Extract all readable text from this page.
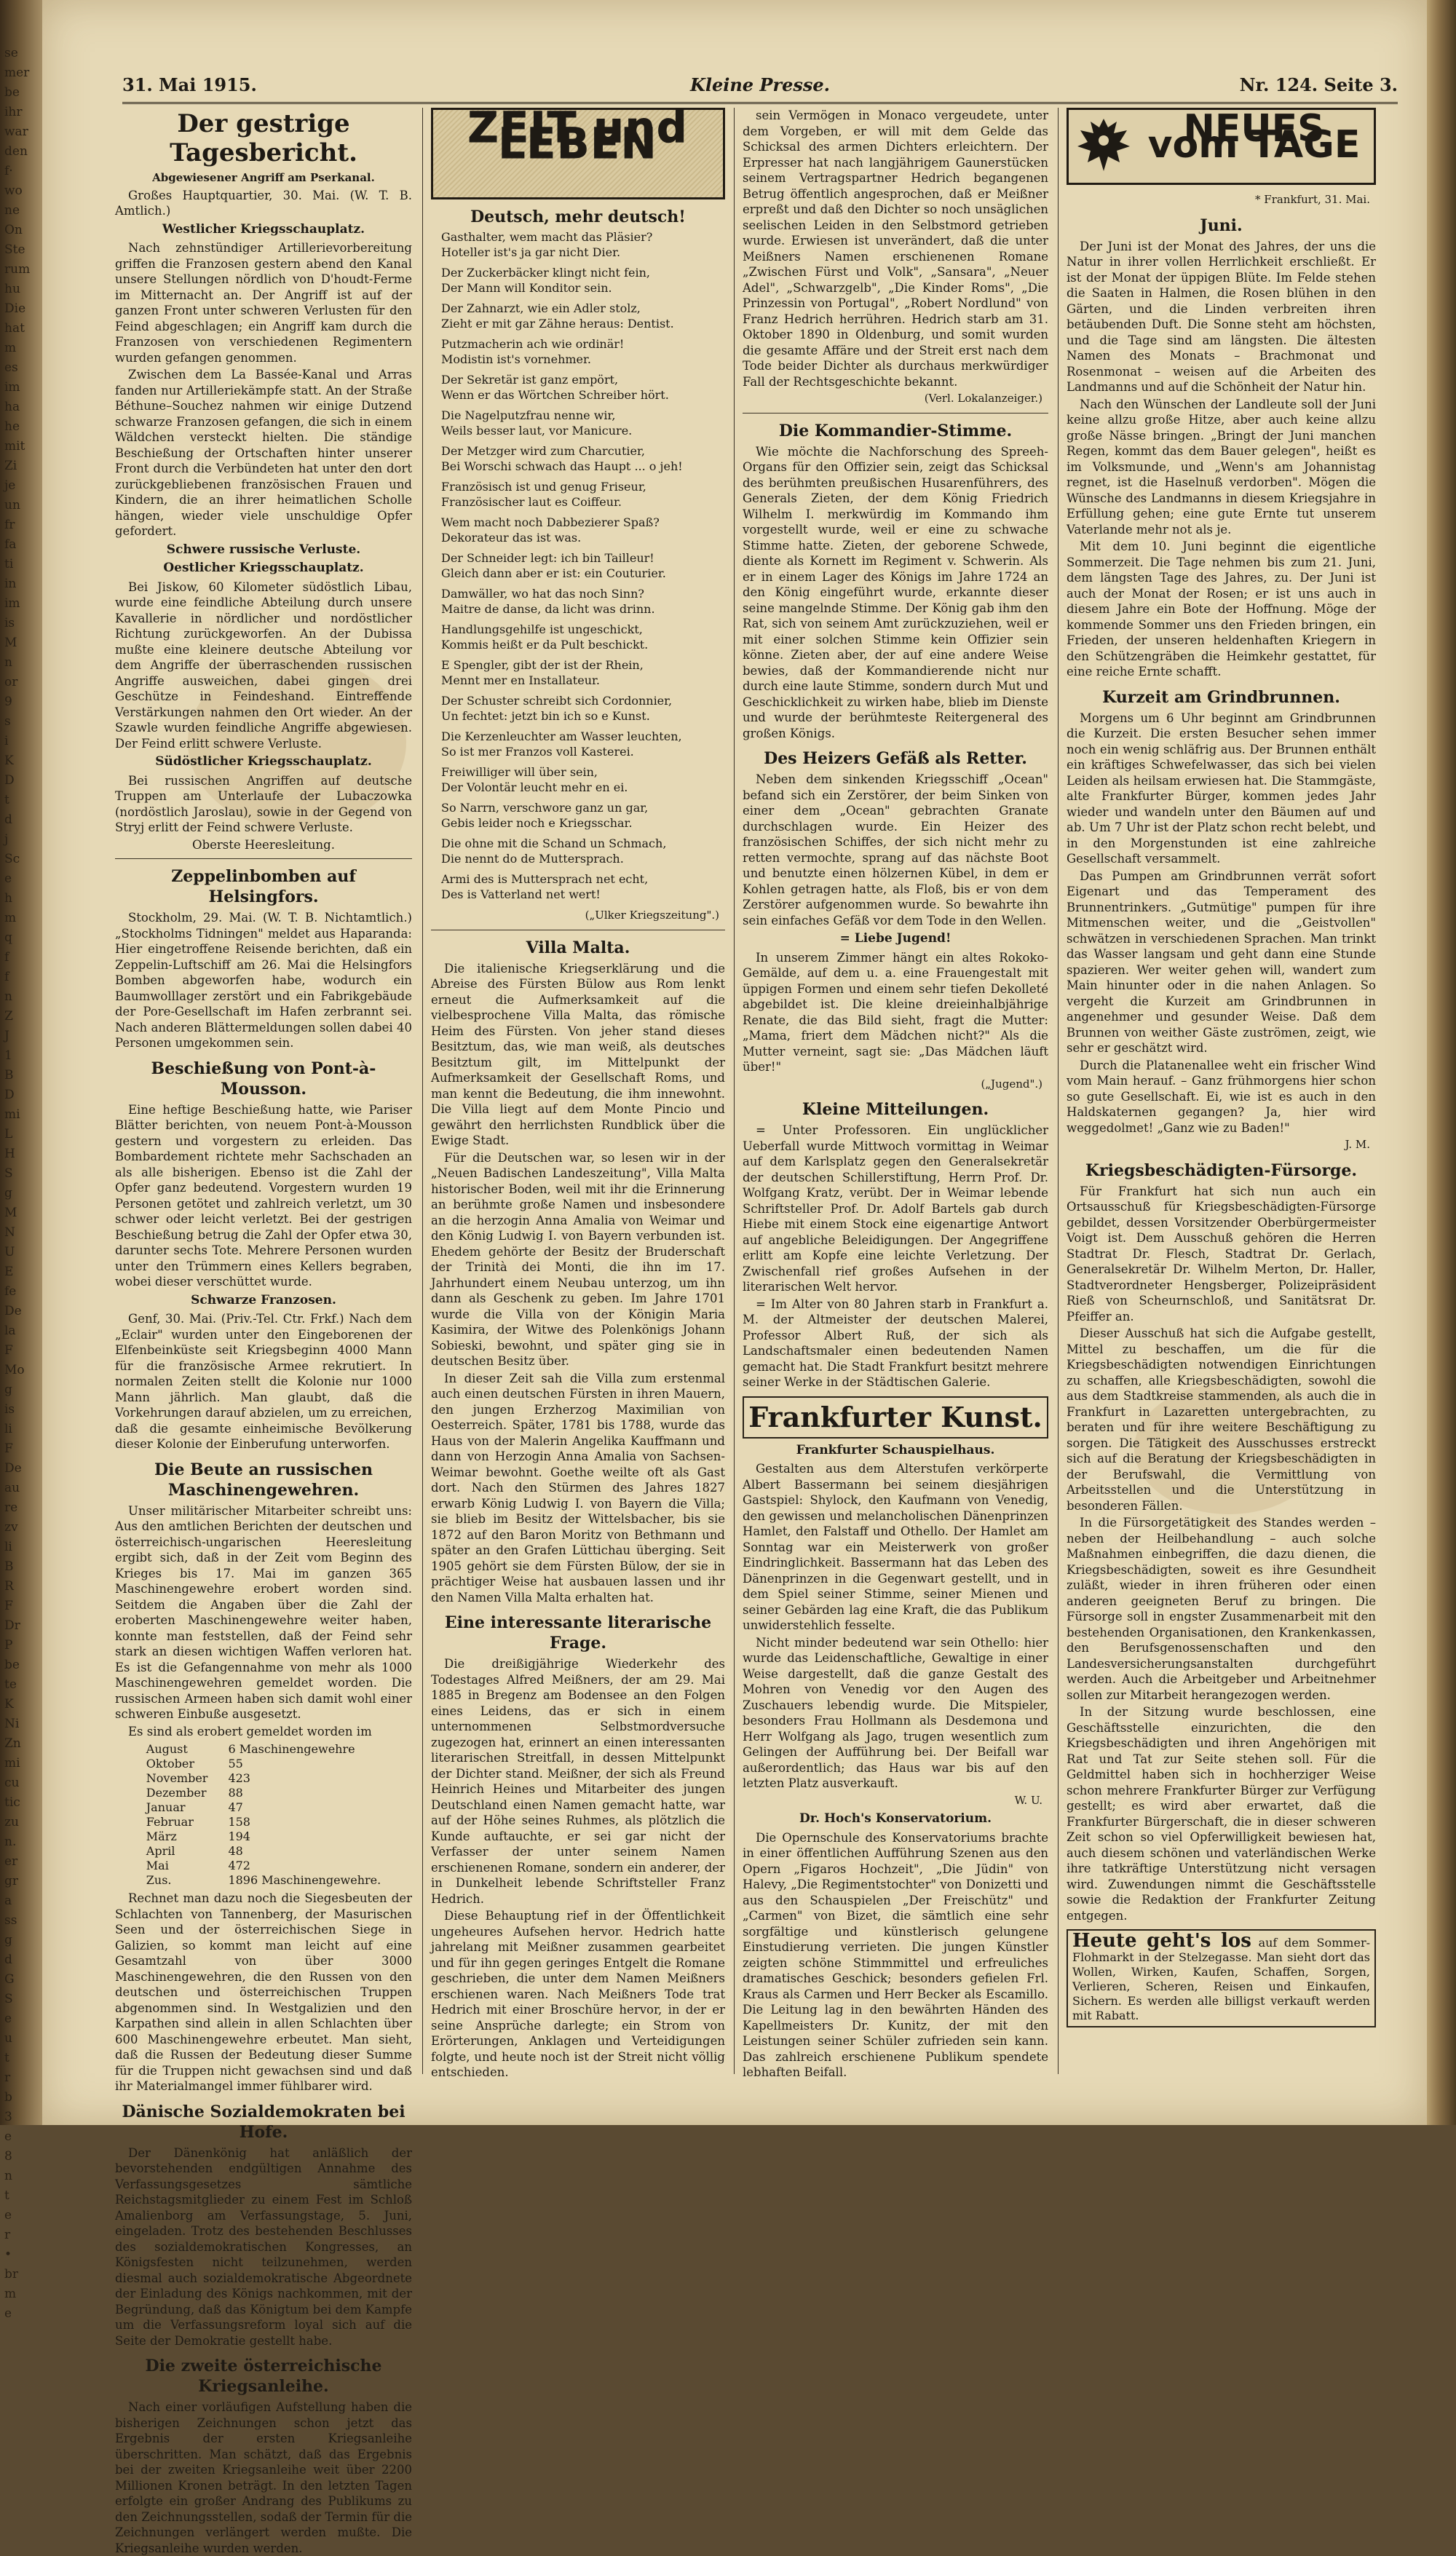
se
mer
be
ihr
war
den
f·
wo
ne
On
Ste
rum
hu
Die
hat
m
es
im
ha
he
mit
Zi
je
un
fr
fa
ti
in
im
is
M
n
or
9
s
i
K
D
t
d
j
Sc
e
h
m
q
f
f
n
Z
J
1
B
D
mi
L
H
S
g
M
N
U
E
fe
De
la
F
Mo
g
is
li
F
De
au
re
zv
li
B
R
F
Dr
P
be
te
K
Ni
Zn
mi
cu
tic
zu
n.
er
gr
a
ss
g
d
G
S
e
u
t
r
b
3
e
8
n
t
e
r
•
br
m
e
31. Mai 1915.	Kleine Presse.	Nr. 124. Seite 3.
Der gestrige Tagesbericht.
Abgewiesener Angriff am Pserkanal.

Großes Hauptquartier, 30. Mai. (W. T. B. Amtlich.)

Westlicher Kriegsschauplatz.

Nach zehnstündiger Artillerievorbereitung griffen die Franzosen gestern abend den Kanal unsere Stellungen nördlich von D'houdt-Ferme im Mitternacht an. Der Angriff ist auf der ganzen Front unter schweren Verlusten für den Feind abgeschlagen; ein Angriff kam durch die Franzosen von verschiedenen Regimentern wurden gefangen genommen.

Zwischen dem La Bassée-Kanal und Arras fanden nur Artilleriekämpfe statt. An der Straße Béthune–Souchez nahmen wir einige Dutzend schwarze Franzosen gefangen, die sich in einem Wäldchen versteckt hielten. Die ständige Beschießung der Ortschaften hinter unserer Front durch die Verbündeten hat unter den dort zurückgebliebenen französischen Frauen und Kindern, die an ihrer heimatlichen Scholle hängen, wieder viele unschuldige Opfer gefordert.

Schwere russische Verluste.
Oestlicher Kriegsschauplatz.

Bei Jiskow, 60 Kilometer südöstlich Libau, wurde eine feindliche Abteilung durch unsere Kavallerie in nördlicher und nordöstlicher Richtung zurückgeworfen. An der Dubissa mußte eine kleinere deutsche Abteilung vor dem Angriffe der überraschenden russischen Angriffe ausweichen, dabei gingen drei Geschütze in Feindeshand. Eintreffende Verstärkungen nahmen den Ort wieder. An der Szawle wurden feindliche Angriffe abgewiesen. Der Feind erlitt schwere Verluste.

Südöstlicher Kriegsschauplatz.

Bei russischen Angriffen auf deutsche Truppen am Unterlaufe der Lubaczowka (nordöstlich Jaroslau), sowie in der Gegend von Stryj erlitt der Feind schwere Verluste.

Oberste Heeresleitung.
Zeppelinbomben auf Helsingfors.

Stockholm, 29. Mai. (W. T. B. Nichtamtlich.) „Stockholms Tidningen" meldet aus Haparanda: Hier eingetroffene Reisende berichten, daß ein Zeppelin-Luftschiff am 26. Mai die Helsingfors Bomben abgeworfen habe, wodurch ein Baumwolllager zerstört und ein Fabrikgebäude der Pore-Gesellschaft im Hafen zerbrannt sei. Nach anderen Blättermeldungen sollen dabei 40 Personen umgekommen sein.

Beschießung von Pont-à-Mousson.

Eine heftige Beschießung hatte, wie Pariser Blätter berichten, von neuem Pont-à-Mousson gestern und vorgestern zu erleiden. Das Bombardement richtete mehr Sachschaden an als alle bisherigen. Ebenso ist die Zahl der Opfer ganz bedeutend. Vorgestern wurden 19 Personen getötet und zahlreich verletzt, um 30 schwer oder leicht verletzt. Bei der gestrigen Beschießung betrug die Zahl der Opfer etwa 30, darunter sechs Tote. Mehrere Personen wurden unter den Trümmern eines Kellers begraben, wobei dieser verschüttet wurde.

Schwarze Franzosen.

Genf, 30. Mai. (Priv.-Tel. Ctr. Frkf.) Nach dem „Eclair" wurden unter den Eingeborenen der Elfenbeinküste seit Kriegsbeginn 4000 Mann für die französische Armee rekrutiert. In normalen Zeiten stellt die Kolonie nur 1000 Mann jährlich. Man glaubt, daß die Vorkehrungen darauf abzielen, um zu erreichen, daß die gesamte einheimische Bevölkerung dieser Kolonie der Einberufung unterworfen.

Die Beute an russischen Maschinengewehren.

Unser militärischer Mitarbeiter schreibt uns: Aus den amtlichen Berichten der deutschen und österreichisch-ungarischen Heeresleitung ergibt sich, daß in der Zeit vom Beginn des Krieges bis 17. Mai im ganzen 365 Maschinengewehre erobert worden sind. Seitdem die Angaben über die Zahl der eroberten Maschinengewehre weiter haben, konnte man feststellen, daß der Feind sehr stark an diesen wichtigen Waffen verloren hat. Es ist die Gefangennahme von mehr als 1000 Maschinengewehren gemeldet worden. Die russischen Armeen haben sich damit wohl einer schweren Einbuße ausgesetzt.

Es sind als erobert gemeldet worden im

August	6 Maschinengewehre
Oktober	55
November	423
Dezember	88
Januar	47
Februar	158
März	194
April	48
Mai	472
Zus.	1896 Maschinengewehre.

Rechnet man dazu noch die Siegesbeuten der Schlachten von Tannenberg, der Masurischen Seen und der österreichischen Siege in Galizien, so kommt man leicht auf eine Gesamtzahl von über 3000 Maschinengewehren, die den Russen von den deutschen und österreichischen Truppen abgenommen sind. In Westgalizien und den Karpathen sind allein in allen Schlachten über 600 Maschinengewehre erbeutet. Man sieht, daß die Russen der Bedeutung dieser Summe für die Truppen nicht gewachsen sind und daß ihr Materialmangel immer fühlbarer wird.

Dänische Sozialdemokraten bei Hofe.

Der Dänenkönig hat anläßlich der bevorstehenden endgültigen Annahme des Verfassungsgesetzes sämtliche Reichstagsmitglieder zu einem Fest im Schloß Amalienborg am Verfassungstage, 5. Juni, eingeladen. Trotz des bestehenden Beschlusses des sozialdemokratischen Kongresses, an Königsfesten nicht teilzunehmen, werden diesmal auch sozialdemokratische Abgeordnete der Einladung des Königs nachkommen, mit der Begründung, daß das Königtum bei dem Kampfe um die Verfassungsreform loyal sich auf die Seite der Demokratie gestellt habe.

Die zweite österreichische Kriegsanleihe.

Nach einer vorläufigen Aufstellung haben die bisherigen Zeichnungen schon jetzt das Ergebnis der ersten Kriegsanleihe überschritten. Man schätzt, daß das Ergebnis bei der zweiten Kriegsanleihe weit über 2200 Millionen Kronen beträgt. In den letzten Tagen erfolgte ein großer Andrang des Publikums zu den Zeichnungsstellen, sodaß der Termin für die Zeichnungen verlängert werden mußte. Die Kriegsanleihe wurden werden.

ZEIT und LEBEN
Deutsch, mehr deutsch!
Gasthalter, wem macht das Pläsier?
Hoteller ist's ja gar nicht Dier.
Der Zuckerbäcker klingt nicht fein,
Der Mann will Konditor sein.
Der Zahnarzt, wie ein Adler stolz,
Zieht er mit gar Zähne heraus: Dentist.
Putzmacherin ach wie ordinär!
Modistin ist's vornehmer.
Der Sekretär ist ganz empört,
Wenn er das Wörtchen Schreiber hört.
Die Nagelputzfrau nenne wir,
Weils besser laut, vor Manicure.
Der Metzger wird zum Charcutier,
Bei Worschi schwach das Haupt ... o jeh!
Französisch ist und genug Friseur,
Französischer laut es Coiffeur.
Wem macht noch Dabbezierer Spaß?
Dekorateur das ist was.
Der Schneider legt: ich bin Tailleur!
Gleich dann aber er ist: ein Couturier.
Damwäller, wo hat das noch Sinn?
Maitre de danse, da licht was drinn.
Handlungsgehilfe ist ungeschickt,
Kommis heißt er da Pult beschickt.
E Spengler, gibt der ist der Rhein,
Mennt mer en Installateur.
Der Schuster schreibt sich Cordonnier,
Un fechtet: jetzt bin ich so e Kunst.
Die Kerzenleuchter am Wasser leuchten,
So ist mer Franzos voll Kasterei.
Freiwilliger will über sein,
Der Volontär leucht mehr en ei.
So Narrn, verschwore ganz un gar,
Gebis leider noch e Kriegsschar.
Die ohne mit die Schand un Schmach,
Die nennt do de Muttersprach.
Armi des is Muttersprach net echt,
Des is Vatterland net wert!
(„Ulker Kriegszeitung".)
Villa Malta.

Die italienische Kriegserklärung und die Abreise des Fürsten Bülow aus Rom lenkt erneut die Aufmerksamkeit auf die vielbesprochene Villa Malta, das römische Heim des Fürsten. Von jeher stand dieses Besitztum, das, wie man weiß, als deutsches Besitztum gilt, im Mittelpunkt der Aufmerksamkeit der Gesellschaft Roms, und man kennt die Bedeutung, die ihm innewohnt. Die Villa liegt auf dem Monte Pincio und gewährt den herrlichsten Rundblick über die Ewige Stadt.

Für die Deutschen war, so lesen wir in der „Neuen Badischen Landeszeitung", Villa Malta historischer Boden, weil mit ihr die Erinnerung an berühmte große Namen und insbesondere an die herzogin Anna Amalia von Weimar und den König Ludwig I. von Bayern verbunden ist. Ehedem gehörte der Besitz der Bruderschaft der Trinità dei Monti, die ihn im 17. Jahrhundert einem Neubau unterzog, um ihn dann als Geschenk zu geben. Im Jahre 1701 wurde die Villa von der Königin Maria Kasimira, der Witwe des Polenkönigs Johann Sobieski, bewohnt, und später ging sie in deutschen Besitz über.

In dieser Zeit sah die Villa zum erstenmal auch einen deutschen Fürsten in ihren Mauern, den jungen Erzherzog Maximilian von Oesterreich. Später, 1781 bis 1788, wurde das Haus von der Malerin Angelika Kauffmann und dann von Herzogin Anna Amalia von Sachsen-Weimar bewohnt. Goethe weilte oft als Gast dort. Nach den Stürmen des Jahres 1827 erwarb König Ludwig I. von Bayern die Villa; sie blieb im Besitz der Wittelsbacher, bis sie 1872 auf den Baron Moritz von Bethmann und später an den Grafen Lüttichau überging. Seit 1905 gehört sie dem Fürsten Bülow, der sie in prächtiger Weise hat ausbauen lassen und ihr den Namen Villa Malta erhalten hat.

Eine interessante literarische Frage.

Die dreißigjährige Wiederkehr des Todestages Alfred Meißners, der am 29. Mai 1885 in Bregenz am Bodensee an den Folgen eines Leidens, das er sich in einem unternommenen Selbstmordversuche zugezogen hat, erinnert an einen interessanten literarischen Streitfall, in dessen Mittelpunkt der Dichter stand. Meißner, der sich als Freund Heinrich Heines und Mitarbeiter des jungen Deutschland einen Namen gemacht hatte, war auf der Höhe seines Ruhmes, als plötzlich die Kunde auftauchte, er sei gar nicht der Verfasser der unter seinem Namen erschienenen Romane, sondern ein anderer, der in Dunkelheit lebende Schriftsteller Franz Hedrich.

Diese Behauptung rief in der Öffentlichkeit ungeheures Aufsehen hervor. Hedrich hatte jahrelang mit Meißner zusammen gearbeitet und für ihn gegen geringes Entgelt die Romane geschrieben, die unter dem Namen Meißners erschienen waren. Nach Meißners Tode trat Hedrich mit einer Broschüre hervor, in der er seine Ansprüche darlegte; ein Strom von Erörterungen, Anklagen und Verteidigungen folgte, und heute noch ist der Streit nicht völlig entschieden.

sein Vermögen in Monaco vergeudete, unter dem Vorgeben, er will mit dem Gelde das Schicksal des armen Dichters erleichtern. Der Erpresser hat nach langjährigem Gaunerstücken seinem Vertragspartner Hedrich begangenen Betrug öffentlich angesprochen, daß er Meißner erpreßt und daß den Dichter so noch unsäglichen seelischen Leiden in den Selbstmord getrieben wurde. Erwiesen ist unverändert, daß die unter Meißners Namen erschienenen Romane „Zwischen Fürst und Volk", „Sansara", „Neuer Adel", „Schwarzgelb", „Die Kinder Roms", „Die Prinzessin von Portugal", „Robert Nordlund" von Franz Hedrich herrühren. Hedrich starb am 31. Oktober 1890 in Oldenburg, und somit wurden die gesamte Affäre und der Streit erst nach dem Tode beider Dichter als durchaus merkwürdiger Fall der Rechtsgeschichte bekannt.

(Verl. Lokalanzeiger.)
Die Kommandier-Stimme.

Wie möchte die Nachforschung des Spreeh-Organs für den Offizier sein, zeigt das Schicksal des berühmten preußischen Husarenführers, des Generals Zieten, der dem König Friedrich Wilhelm I. merkwürdig im Kommando ihm vorgestellt wurde, weil er eine zu schwache Stimme hatte. Zieten, der geborene Schwede, diente als Kornett im Regiment v. Schwerin. Als er in einem Lager des Königs im Jahre 1724 an den König eingeführt wurde, erkannte dieser seine mangelnde Stimme. Der König gab ihm den Rat, sich von seinem Amt zurückzuziehen, weil er mit einer solchen Stimme kein Offizier sein könne. Zieten aber, der auf eine andere Weise bewies, daß der Kommandierende nicht nur durch eine laute Stimme, sondern durch Mut und Geschicklichkeit zu wirken habe, blieb im Dienste und wurde der berühmteste Reitergeneral des großen Königs.

Des Heizers Gefäß als Retter.

Neben dem sinkenden Kriegsschiff „Ocean" befand sich ein Zerstörer, der beim Sinken von einer dem „Ocean" gebrachten Granate durchschlagen wurde. Ein Heizer des französischen Schiffes, der sich nicht mehr zu retten vermochte, sprang auf das nächste Boot und benutzte einen hölzernen Kübel, in dem er Kohlen getragen hatte, als Floß, bis er von dem Zerstörer aufgenommen wurde. So bewahrte ihn sein einfaches Gefäß vor dem Tode in den Wellen.

= Liebe Jugend!

In unserem Zimmer hängt ein altes Rokoko-Gemälde, auf dem u. a. eine Frauengestalt mit üppigen Formen und einem sehr tiefen Dekolleté abgebildet ist. Die kleine dreieinhalbjährige Renate, die das Bild sieht, fragt die Mutter: „Mama, friert dem Mädchen nicht?" Als die Mutter verneint, sagt sie: „Das Mädchen läuft über!"

(„Jugend".)
Kleine Mitteilungen.

= Unter Professoren. Ein unglücklicher Ueberfall wurde Mittwoch vormittag in Weimar auf dem Karlsplatz gegen den Generalsekretär der deutschen Schillerstiftung, Herrn Prof. Dr. Wolfgang Kratz, verübt. Der in Weimar lebende Schriftsteller Prof. Dr. Adolf Bartels gab durch Hiebe mit einem Stock eine eigenartige Antwort auf angebliche Beleidigungen. Der Angegriffene erlitt am Kopfe eine leichte Verletzung. Der Zwischenfall rief großes Aufsehen in der literarischen Welt hervor.

= Im Alter von 80 Jahren starb in Frankfurt a. M. der Altmeister der deutschen Malerei, Professor Albert Ruß, der sich als Landschaftsmaler einen bedeutenden Namen gemacht hat. Die Stadt Frankfurt besitzt mehrere seiner Werke in der Städtischen Galerie.

Frankfurter Kunst.
Frankfurter Schauspielhaus.

Gestalten aus dem Alterstufen verkörperte Albert Bassermann bei seinem diesjährigen Gastspiel: Shylock, den Kaufmann von Venedig, den gewissen und melancholischen Dänenprinzen Hamlet, den Falstaff und Othello. Der Hamlet am Sonntag war ein Meisterwerk von großer Eindringlichkeit. Bassermann hat das Leben des Dänenprinzen in die Gegenwart gestellt, und in dem Spiel seiner Stimme, seiner Mienen und seiner Gebärden lag eine Kraft, die das Publikum unwiderstehlich fesselte.

Nicht minder bedeutend war sein Othello: hier wurde das Leidenschaftliche, Gewaltige in einer Weise dargestellt, daß die ganze Gestalt des Mohren von Venedig vor den Augen des Zuschauers lebendig wurde. Die Mitspieler, besonders Frau Hollmann als Desdemona und Herr Wolfgang als Jago, trugen wesentlich zum Gelingen der Aufführung bei. Der Beifall war außerordentlich; das Haus war bis auf den letzten Platz ausverkauft.

W. U.
Dr. Hoch's Konservatorium.

Die Opernschule des Konservatoriums brachte in einer öffentlichen Aufführung Szenen aus den Opern „Figaros Hochzeit", „Die Jüdin" von Halevy, „Die Regimentstochter" von Donizetti und aus den Schauspielen „Der Freischütz" und „Carmen" von Bizet, die sämtlich eine sehr sorgfältige und künstlerisch gelungene Einstudierung verrieten. Die jungen Künstler zeigten schöne Stimmmittel und erfreuliches dramatisches Geschick; besonders gefielen Frl. Kraus als Carmen und Herr Becker als Escamillo. Die Leitung lag in den bewährten Händen des Kapellmeisters Dr. Kunitz, der mit den Leistungen seiner Schüler zufrieden sein kann. Das zahlreich erschienene Publikum spendete lebhaften Beifall.

NEUES vom TAGE
* Frankfurt, 31. Mai.
Juni.

Der Juni ist der Monat des Jahres, der uns die Natur in ihrer vollen Herrlichkeit erschließt. Er ist der Monat der üppigen Blüte. Im Felde stehen die Saaten in Halmen, die Rosen blühen in den Gärten, und die Linden verbreiten ihren betäubenden Duft. Die Sonne steht am höchsten, und die Tage sind am längsten. Die ältesten Namen des Monats – Brachmonat und Rosenmonat – weisen auf die Arbeiten des Landmanns und auf die Schönheit der Natur hin.

Nach den Wünschen der Landleute soll der Juni keine allzu große Hitze, aber auch keine allzu große Nässe bringen. „Bringt der Juni manchen Regen, kommt das dem Bauer gelegen", heißt es im Volksmunde, und „Wenn's am Johannistag regnet, ist die Haselnuß verdorben". Mögen die Wünsche des Landmanns in diesem Kriegsjahre in Erfüllung gehen; eine gute Ernte tut unserem Vaterlande mehr not als je.

Mit dem 10. Juni beginnt die eigentliche Sommerzeit. Die Tage nehmen bis zum 21. Juni, dem längsten Tage des Jahres, zu. Der Juni ist auch der Monat der Rosen; er ist uns auch in diesem Jahre ein Bote der Hoffnung. Möge der kommende Sommer uns den Frieden bringen, ein Frieden, der unseren heldenhaften Kriegern in den Schützengräben die Heimkehr gestattet, für eine reiche Ernte schafft.

Kurzeit am Grindbrunnen.

Morgens um 6 Uhr beginnt am Grindbrunnen die Kurzeit. Die ersten Besucher sehen immer noch ein wenig schläfrig aus. Der Brunnen enthält ein kräftiges Schwefelwasser, das sich bei vielen Leiden als heilsam erwiesen hat. Die Stammgäste, alte Frankfurter Bürger, kommen jedes Jahr wieder und wandeln unter den Bäumen auf und ab. Um 7 Uhr ist der Platz schon recht belebt, und in den Morgenstunden ist eine zahlreiche Gesellschaft versammelt.

Das Pumpen am Grindbrunnen verrät sofort Eigenart und das Temperament des Brunnentrinkers. „Gutmütige" pumpen für ihre Mitmenschen weiter, und die „Geistvollen" schwätzen in verschiedenen Sprachen. Man trinkt das Wasser langsam und geht dann eine Stunde spazieren. Wer weiter gehen will, wandert zum Main hinunter oder in die nahen Anlagen. So vergeht die Kurzeit am Grindbrunnen in angenehmer und gesunder Weise. Daß dem Brunnen von weither Gäste zuströmen, zeigt, wie sehr er geschätzt wird.

Durch die Platanenallee weht ein frischer Wind vom Main herauf. – Ganz frühmorgens hier schon so gute Gesellschaft. Ei, wie ist es auch in den Haldskaternen gegangen? Ja, hier wird weggedolmet! „Ganz wie zu Baden!"

J. M.
Kriegsbeschädigten-Fürsorge.

Für Frankfurt hat sich nun auch ein Ortsausschuß für Kriegsbeschädigten-Fürsorge gebildet, dessen Vorsitzender Oberbürgermeister Voigt ist. Dem Ausschuß gehören die Herren Stadtrat Dr. Flesch, Stadtrat Dr. Gerlach, Generalsekretär Dr. Wilhelm Merton, Dr. Haller, Stadtverordneter Hengsberger, Polizeipräsident Rieß von Scheurnschloß, und Sanitätsrat Dr. Pfeiffer an.

Dieser Ausschuß hat sich die Aufgabe gestellt, Mittel zu beschaffen, um die für die Kriegsbeschädigten notwendigen Einrichtungen zu schaffen, alle Kriegsbeschädigten, sowohl die aus dem Stadtkreise stammenden, als auch die in Frankfurt in Lazaretten untergebrachten, zu beraten und für ihre weitere Beschäftigung zu sorgen. Die Tätigkeit des Ausschusses erstreckt sich auf die Beratung der Kriegsbeschädigten in der Berufswahl, die Vermittlung von Arbeitsstellen und die Unterstützung in besonderen Fällen.

In die Fürsorgetätigkeit des Standes werden – neben der Heilbehandlung – auch solche Maßnahmen einbegriffen, die dazu dienen, die Kriegsbeschädigten, soweit es ihre Gesundheit zuläßt, wieder in ihren früheren oder einen anderen geeigneten Beruf zu bringen. Die Fürsorge soll in engster Zusammenarbeit mit den bestehenden Organisationen, den Krankenkassen, den Berufsgenossenschaften und den Landesversicherungsanstalten durchgeführt werden. Auch die Arbeitgeber und Arbeitnehmer sollen zur Mitarbeit herangezogen werden.

In der Sitzung wurde beschlossen, eine Geschäftsstelle einzurichten, die den Kriegsbeschädigten und ihren Angehörigen mit Rat und Tat zur Seite stehen soll. Für die Geldmittel haben sich in hochherziger Weise schon mehrere Frankfurter Bürger zur Verfügung gestellt; es wird aber erwartet, daß die Frankfurter Bürgerschaft, die in dieser schweren Zeit schon so viel Opferwilligkeit bewiesen hat, auch diesem schönen und vaterländischen Werke ihre tatkräftige Unterstützung nicht versagen wird. Zuwendungen nimmt die Geschäftsstelle sowie die Redaktion der Frankfurter Zeitung entgegen.

Heute geht's los auf dem Sommer-Flohmarkt in der Stelzegasse. Man sieht dort das Wollen, Wirken, Kaufen, Schaffen, Sorgen, Verlieren, Scheren, Reisen und Einkaufen, Sichern. Es werden alle billigst verkauft werden mit Rabatt.
